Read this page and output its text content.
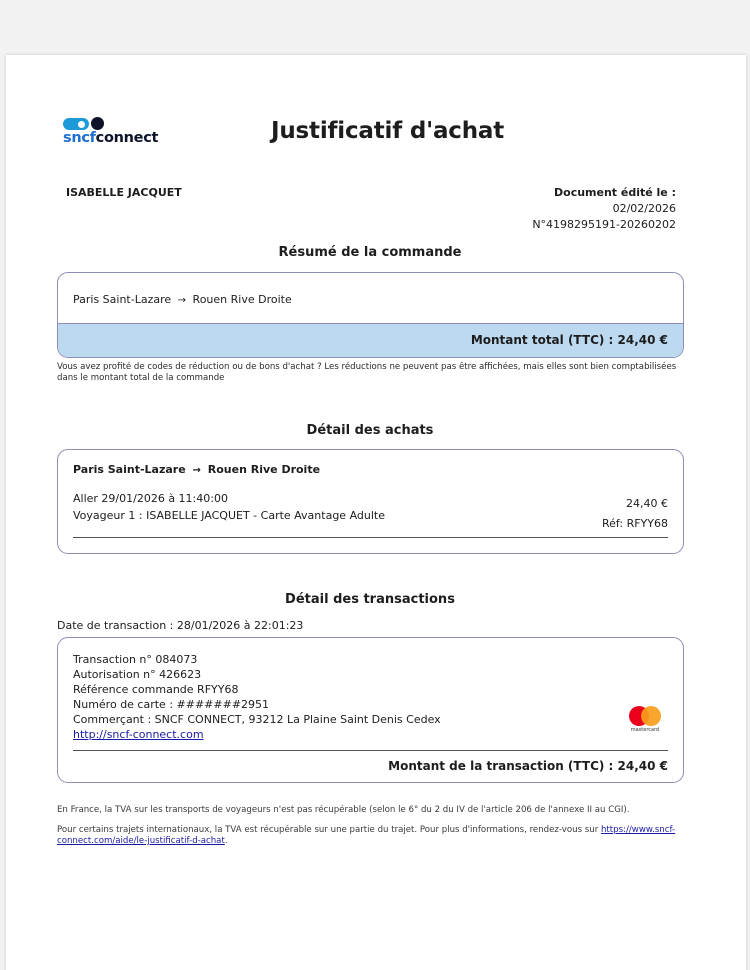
sncfconnect	Justificatif d'achat
ISABELLE JACQUET	Document édité le :
02/02/2026
N°4198295191-20260202
Résumé de la commande
Paris Saint-Lazare → Rouen Rive Droite
Montant total (TTC) : 24,40 €
Vous avez profité de codes de réduction ou de bons d'achat ? Les réductions ne peuvent pas être affichées, mais elles sont bien comptabilisées dans le montant total de la commande
Détail des achats
Paris Saint-Lazare → Rouen Rive Droite
Aller 29/01/2026 à 11:40:00
Voyageur 1 : ISABELLE JACQUET - Carte Avantage Adulte
24,40 €
Réf: RFYY68
Détail des transactions
Date de transaction : 28/01/2026 à 22:01:23
Transaction n° 084073
Autorisation n° 426623
Référence commande RFYY68
Numéro de carte : #######2951
Commerçant : SNCF CONNECT, 93212 La Plaine Saint Denis Cedex
http://sncf-connect.com	mastercard
Montant de la transaction (TTC) : 24,40 €
En France, la TVA sur les transports de voyageurs n'est pas récupérable (selon le 6° du 2 du IV de l'article 206 de l'annexe II au CGI).
Pour certains trajets internationaux, la TVA est récupérable sur une partie du trajet. Pour plus d'informations, rendez-vous sur https://www.sncf-connect.com/aide/le-justificatif-d-achat.
